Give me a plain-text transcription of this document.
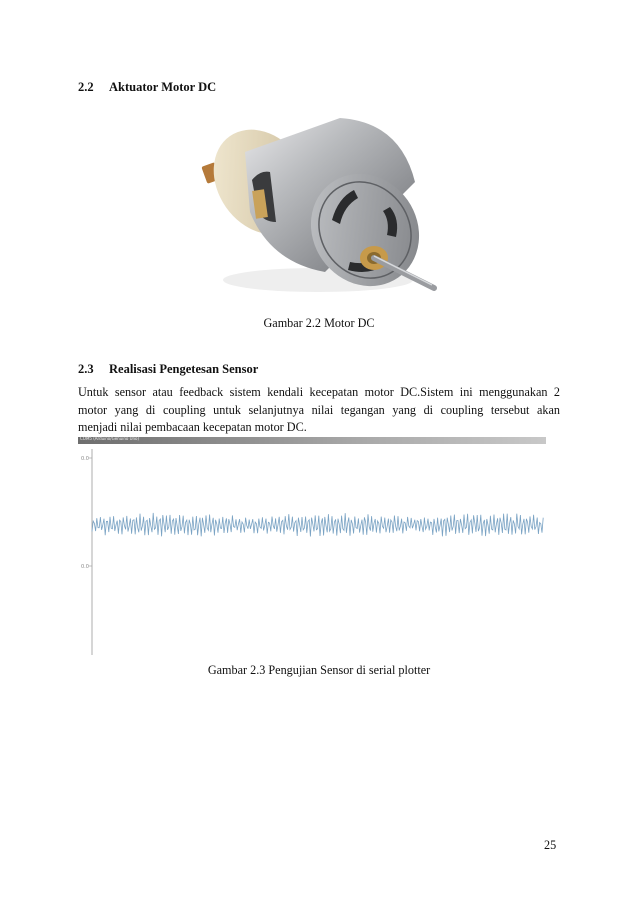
2.2 Aktuator Motor DC
Gambar 2.2 Motor DC
2.3 Realisasi Pengetesan Sensor
Untuk sensor atau feedback sistem kendali kecepatan motor DC.Sistem ini menggunakan 2
motor yang di coupling untuk selanjutnya nilai tegangan yang di coupling tersebut akan
menjadi nilai pembacaan kecepatan motor DC.
COM5 (Arduino/Genuino Uno)
0.0
0.0
Gambar 2.3 Pengujian Sensor di serial plotter
25
